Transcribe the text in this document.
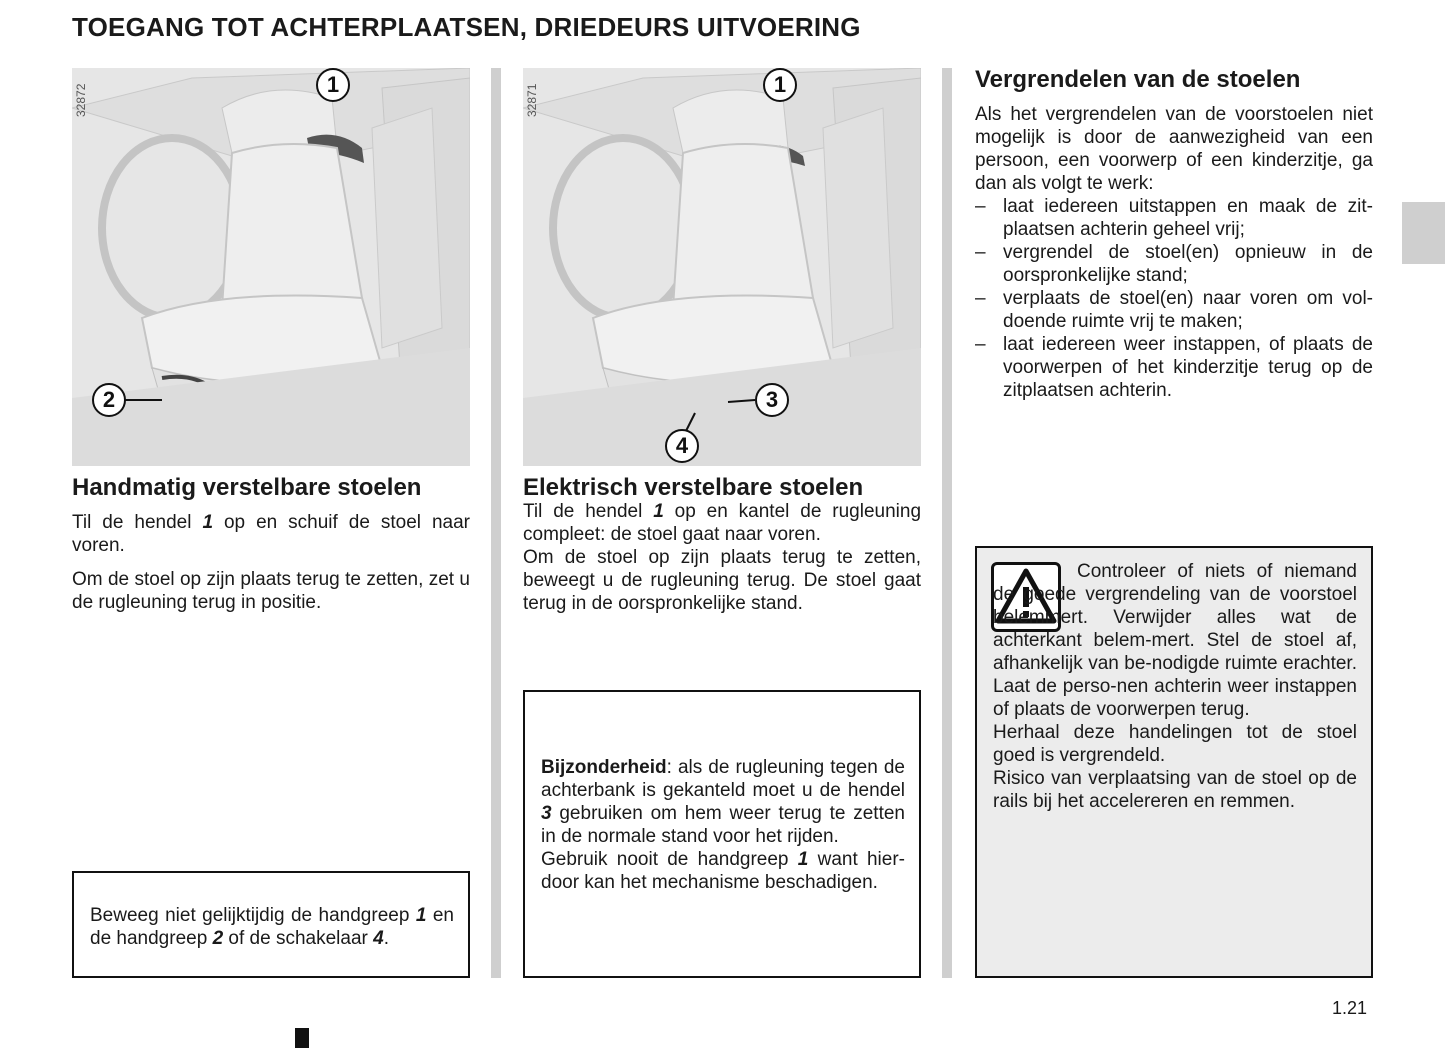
TOEGANG TOT ACHTERPLAATSEN, DRIEDEURS UITVOERING
32872	1
2
32871	1
3
4
Handmatig verstelbare stoelen

Til de hendel 1 op en schuif de stoel naar voren.

Om de stoel op zijn plaats terug te zetten, zet u de rugleuning terug in positie.

Beweeg niet gelijktijdig de handgreep 1 en de handgreep 2 of de schakelaar 4.

Elektrisch verstelbare stoelen

Til de hendel 1 op en kantel de rugleuning compleet: de stoel gaat naar voren.

Om de stoel op zijn plaats terug te zetten, beweegt u de rugleuning terug. De stoel gaat terug in de oorspronkelijke stand.

Bijzonderheid: als de rugleuning tegen de achterbank is gekanteld moet u de hendel 3 gebruiken om hem weer terug te zetten in de normale stand voor het rijden.
Gebruik nooit de handgreep 1 want hier-door kan het mechanisme beschadigen.

Vergrendelen van de stoelen

Als het vergrendelen van de voorstoelen niet mogelijk is door de aanwezigheid van een persoon, een voorwerp of een kinderzitje, ga dan als volgt te werk:

– laat iedereen uitstappen en maak de zit-plaatsen achterin geheel vrij;
– vergrendel de stoel(en) opnieuw in de oorspronkelijke stand;
– verplaats de stoel(en) naar voren om vol-doende ruimte vrij te maken;
– laat iedereen weer instappen, of plaats de voorwerpen of het kinderzitje terug op de zitplaatsen achterin.

Controleer of niets of niemand de goede vergrendeling van de voorstoel belemmert. Verwijder alles wat de achterkant belem-mert. Stel de stoel af, afhankelijk van be-nodigde ruimte erachter. Laat de perso-nen achterin weer instappen of plaats de voorwerpen terug.

Herhaal deze handelingen tot de stoel goed is vergrendeld.

Risico van verplaatsing van de stoel op de rails bij het accelereren en remmen.

1.21
